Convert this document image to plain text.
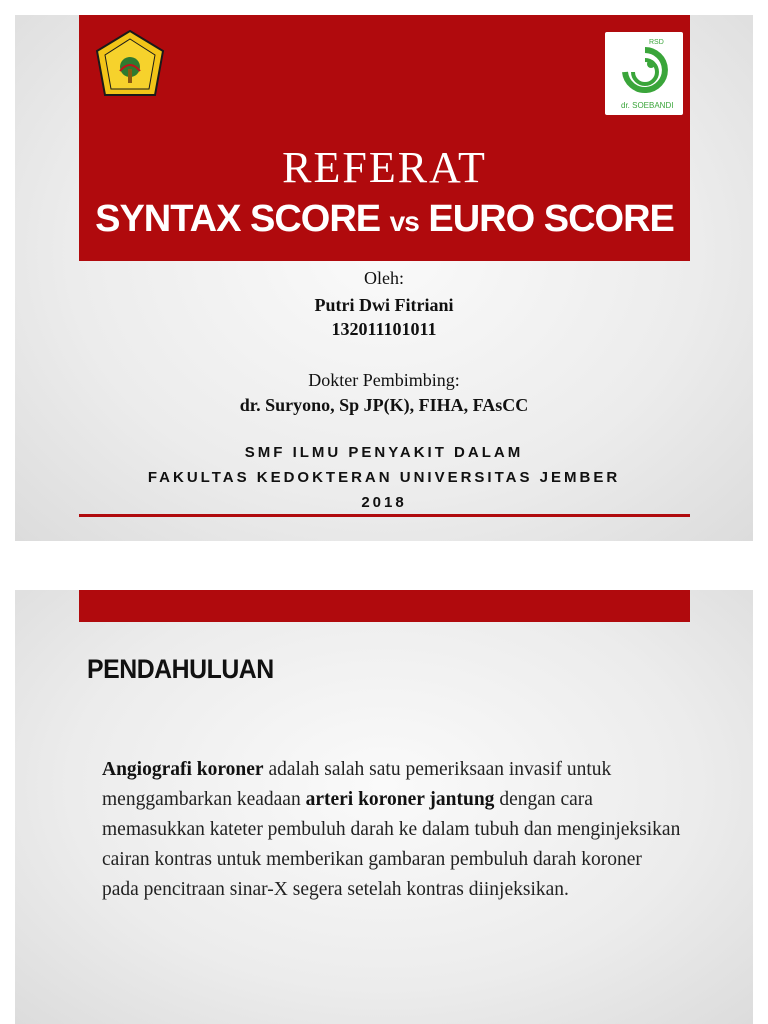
RSD
dr. SOEBANDI
REFERAT
SYNTAX SCORE vs EURO SCORE
Oleh:
Putri Dwi Fitriani
132011101011
Dokter Pembimbing:
dr. Suryono, Sp JP(K), FIHA, FAsCC
SMF ILMU PENYAKIT DALAM
FAKULTAS KEDOKTERAN UNIVERSITAS JEMBER
2018
PENDAHULUAN
Angiografi koroner adalah salah satu pemeriksaan invasif untuk menggambarkan keadaan arteri koroner jantung dengan cara memasukkan kateter pembuluh darah ke dalam tubuh dan menginjeksikan cairan kontras untuk memberikan gambaran pembuluh darah koroner pada pencitraan sinar-X segera setelah kontras diinjeksikan.
